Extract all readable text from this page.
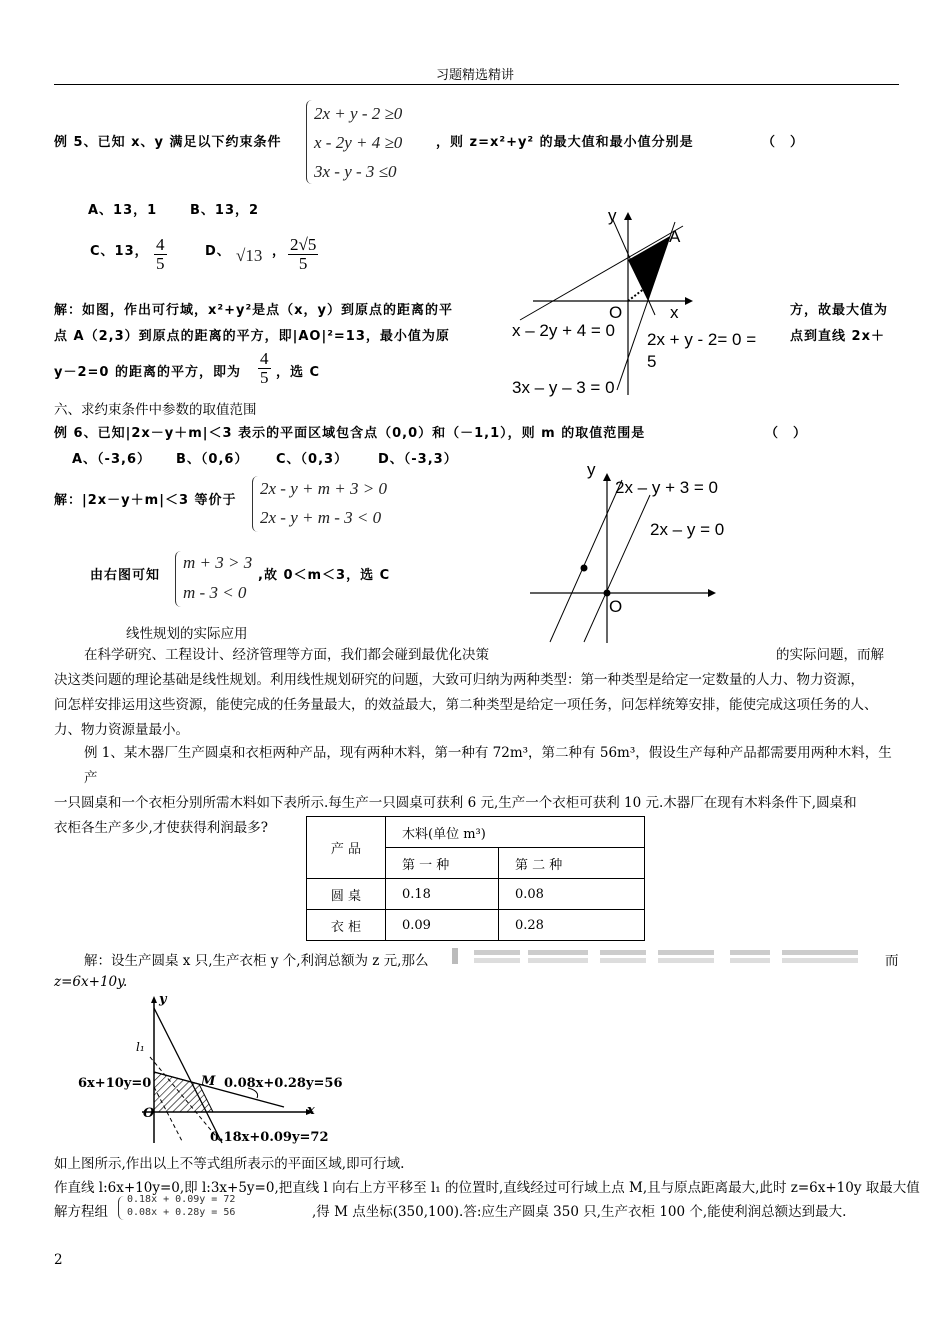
习题精选精讲
例 5、已知 x、y 满足以下约束条件
2x + y - 2 ≥0
x - 2y + 4 ≥0
3x - y - 3 ≤0
，则 z=x²+y² 的最大值和最小值分别是	（　）
A、13，1	B、13，2
C、13， $\frac{4}{5}$	D、 √13 ， $\frac{2√5}{5}$
解：如图，作出可行域，x²+y²是点（x，y）到原点的距离的平	方，故最大值为
点 A（2,3）到原点的距离的平方，即|AO|²=13，最小值为原	点到直线 2x＋
y－2=0 的距离的平方，即为 $\frac{4}{5}$ ，选 C
y
A
O	x
x – 2y + 4 = 0 2x + y - 2= 0 =
5
3x – y – 3 = 0
六、求约束条件中参数的取值范围
例 6、已知|2x－y＋m|＜3 表示的平面区域包含点（0,0）和（－1,1），则 m 的取值范围是	（　）
A、（-3,6） B、（0,6） C、（0,3） D、（-3,3）
解：|2x－y＋m|＜3 等价于
2x - y + m + 3 > 0
2x - y + m - 3 < 0
由右图可知
m + 3 > 3
m - 3 < 0
,故 0＜m＜3，选 C
y
2x – y + 3 = 0
2x – y = 0
O
线性规划的实际应用
在科学研究、工程设计、经济管理等方面，我们都会碰到最优化决策	的实际问题，而解
决这类问题的理论基础是线性规划。利用线性规划研究的问题，大致可归纳为两种类型：第一种类型是给定一定数量的人力、物力资源，
问怎样安排运用这些资源，能使完成的任务量最大，的效益最大，第二种类型是给定一项任务，问怎样统筹安排，能使完成这项任务的人、
力、物力资源量最小。
例 1、某木器厂生产圆桌和衣柜两种产品，现有两种木料，第一种有 72m³，第二种有 56m³，假设生产每种产品都需要用两种木料，生产
一只圆桌和一个衣柜分别所需木料如下表所示.每生产一只圆桌可获利 6 元,生产一个衣柜可获利 10 元.木器厂在现有木料条件下,圆桌和
衣柜各生产多少,才使获得利润最多?
产 品	木料(单位 m³)	
	第 一 种	第 二 种
圆 桌	0.18	0.08
衣 柜	0.09	0.28
解：设生产圆桌 x 只,生产衣柜 y 个,利润总额为 z 元,那么	而
z=6x+10y.
y
l₁
6x+10y=0	M 0.08x+0.28y=56
O	x
0.18x+0.09y=72
如上图所示,作出以上不等式组所表示的平面区域,即可行域.
作直线 l:6x+10y=0,即 l:3x+5y=0,把直线 l 向右上方平移至 l₁ 的位置时,直线经过可行域上点 M,且与原点距离最大,此时 z=6x+10y 取最大值
解方程组
0.18x + 0.09y = 72
0.08x + 0.28y = 56	,得 M 点坐标(350,100).答:应生产圆桌 350 只,生产衣柜 100 个,能使利润总额达到最大.
2
